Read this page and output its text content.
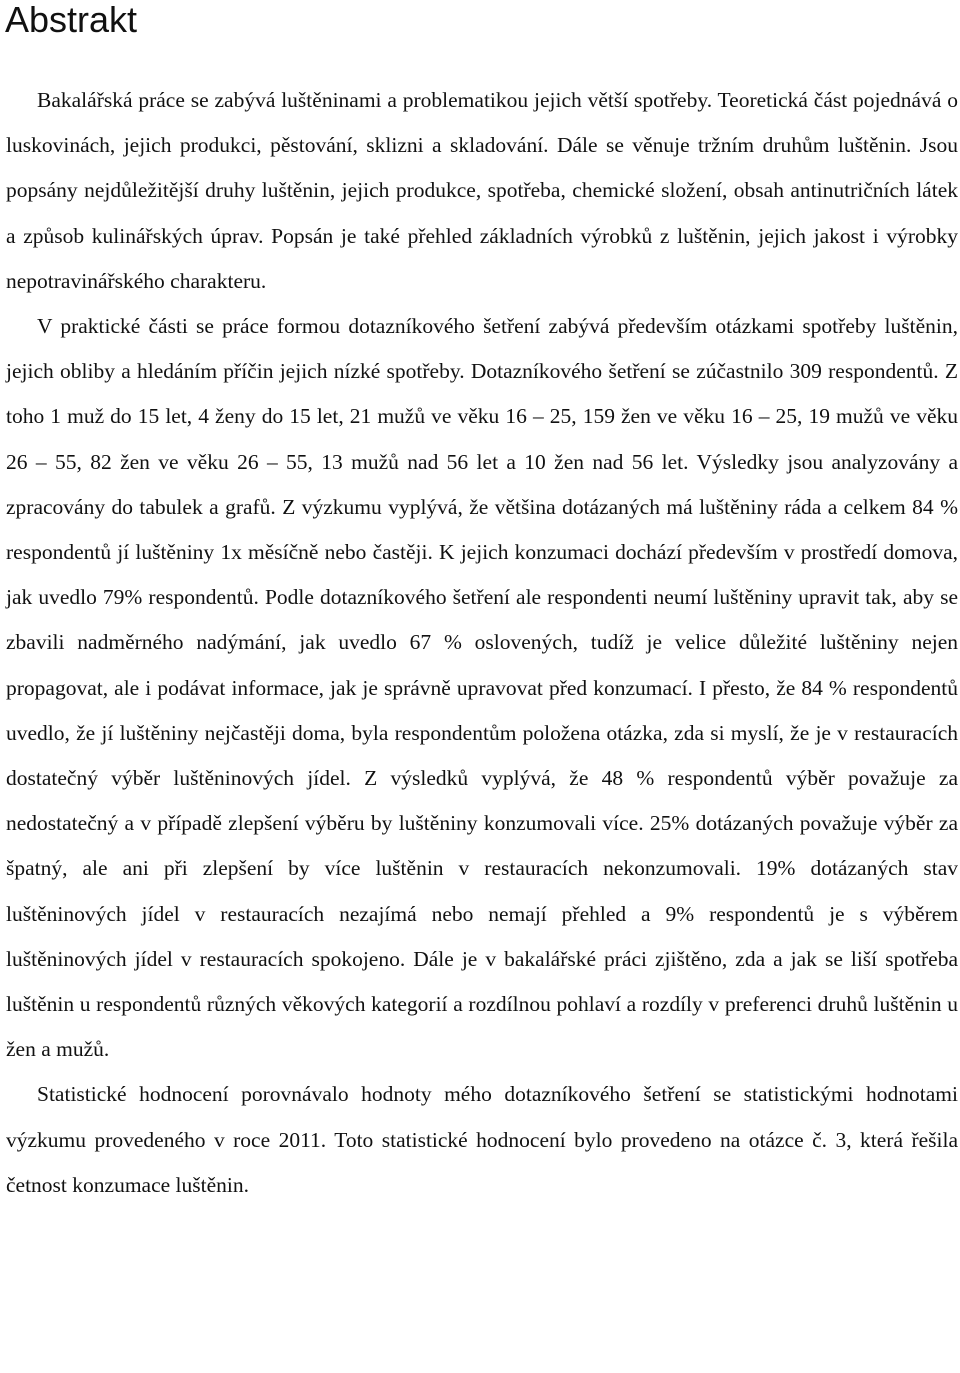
Abstrakt

Bakalářská práce se zabývá luštěninami a problematikou jejich větší spotřeby. Teoretická část pojednává o luskovinách, jejich produkci, pěstování, sklizni a skladování. Dále se věnuje tržním druhům luštěnin. Jsou popsány nejdůležitější druhy luštěnin, jejich produkce, spotřeba, chemické složení, obsah antinutričních látek a způsob kulinářských úprav. Popsán je také přehled základních výrobků z luštěnin, jejich jakost i výrobky nepotravinářského charakteru.

V praktické části se práce formou dotazníkového šetření zabývá především otázkami spotřeby luštěnin, jejich obliby a hledáním příčin jejich nízké spotřeby. Dotazníkového šetření se zúčastnilo 309 respondentů. Z toho 1 muž do 15 let, 4 ženy do 15 let, 21 mužů ve věku 16 – 25, 159 žen ve věku 16 – 25, 19 mužů ve věku 26 – 55, 82 žen ve věku 26 – 55, 13 mužů nad 56 let a 10 žen nad 56 let. Výsledky jsou analyzovány a zpracovány do tabulek a grafů. Z výzkumu vyplývá, že většina dotázaných má luštěniny ráda a celkem 84 % respondentů jí luštěniny 1x měsíčně nebo častěji. K jejich konzumaci dochází především v prostředí domova, jak uvedlo 79% respondentů. Podle dotazníkového šetření ale respondenti neumí luštěniny upravit tak, aby se zbavili nadměrného nadýmání, jak uvedlo 67 % oslovených, tudíž je velice důležité luštěniny nejen propagovat, ale i podávat informace, jak je správně upravovat před konzumací. I přesto, že 84 % respondentů uvedlo, že jí luštěniny nejčastěji doma, byla respondentům položena otázka, zda si myslí, že je v restauracích dostatečný výběr luštěninových jídel. Z výsledků vyplývá, že 48 % respondentů výběr považuje za nedostatečný a v případě zlepšení výběru by luštěniny konzumovali více. 25% dotázaných považuje výběr za špatný, ale ani při zlepšení by více luštěnin v restauracích nekonzumovali. 19% dotázaných stav luštěninových jídel v restauracích nezajímá nebo nemají přehled a 9% respondentů je s výběrem luštěninových jídel v restauracích spokojeno. Dále je v bakalářské práci zjištěno, zda a jak se liší spotřeba luštěnin u respondentů různých věkových kategorií a rozdílnou pohlaví a rozdíly v preferenci druhů luštěnin u žen a mužů.

Statistické hodnocení porovnávalo hodnoty mého dotazníkového šetření se statistickými hodnotami výzkumu provedeného v roce 2011. Toto statistické hodnocení bylo provedeno na otázce č. 3, která řešila četnost konzumace luštěnin.
